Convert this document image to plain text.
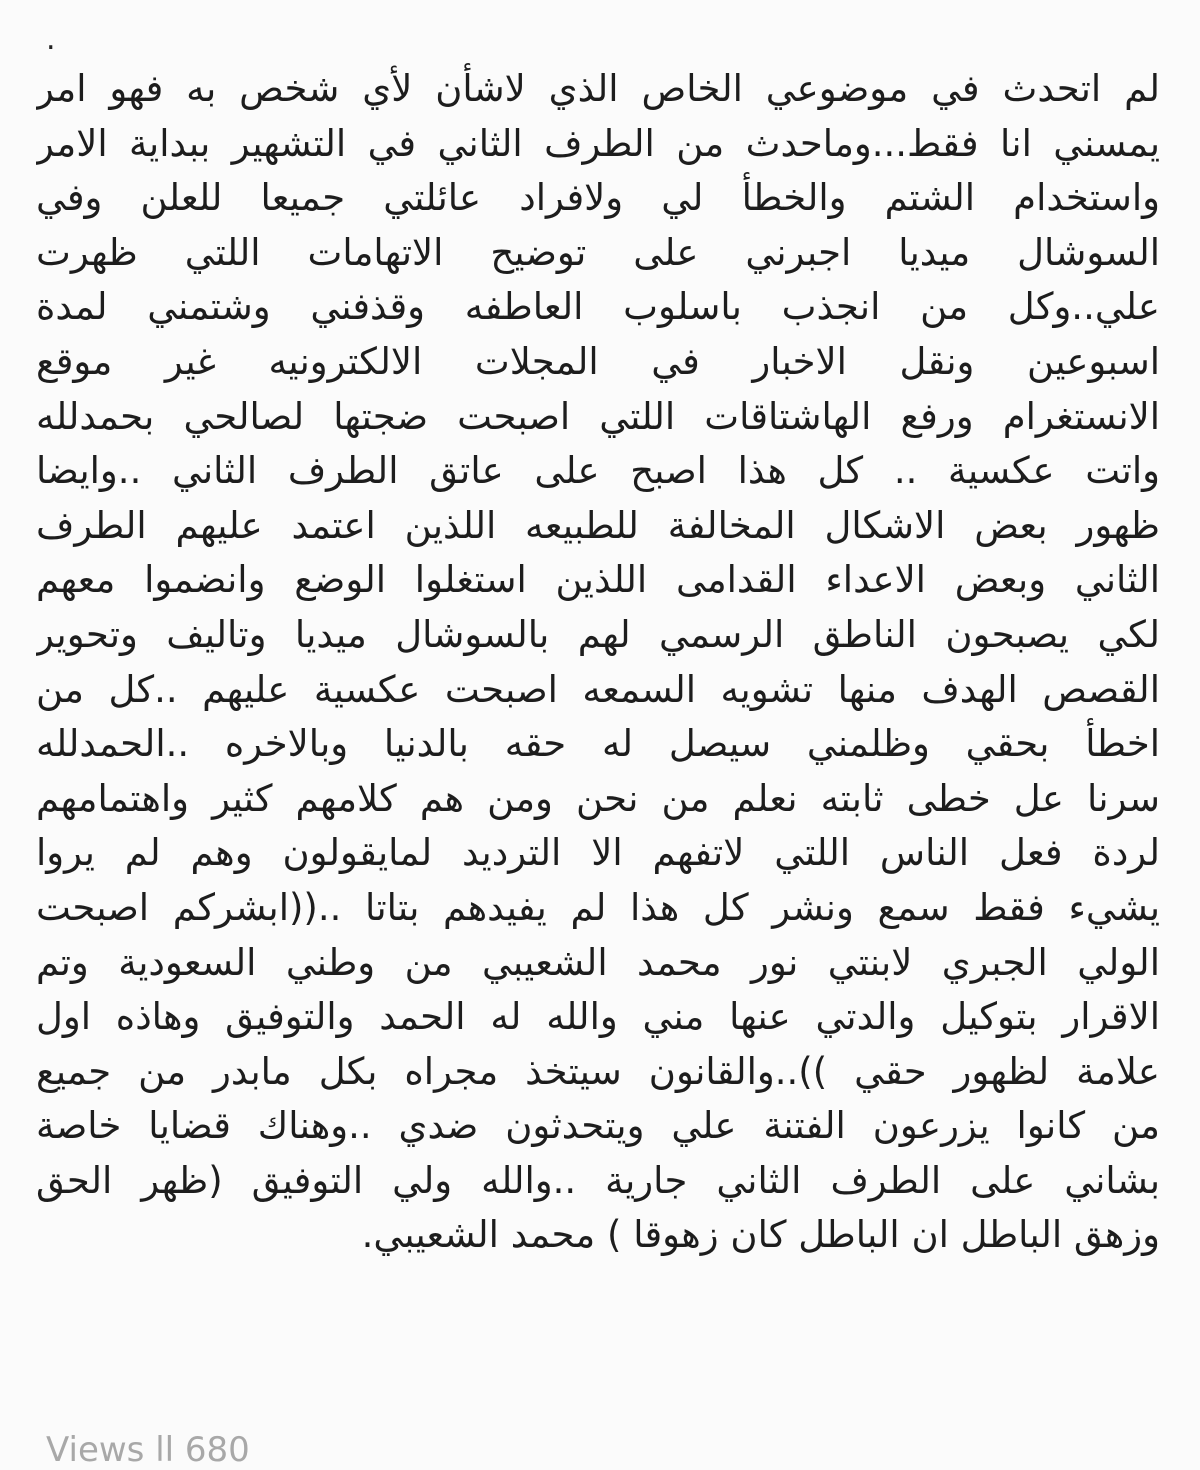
.
لم اتحدث في موضوعي الخاص الذي لاشأن لأي شخص به فهو امر
يمسني انا فقط...وماحدث من الطرف الثاني في التشهير ببداية الامر
واستخدام الشتم والخطأ لي ولافراد عائلتي جميعا للعلن وفي
السوشال ميديا اجبرني على توضيح الاتهامات اللتي ظهرت
علي..وكل من انجذب باسلوب العاطفه وقذفني وشتمني لمدة
اسبوعين ونقل الاخبار في المجلات الالكترونيه غير موقع
الانستغرام ورفع الهاشتاقات اللتي اصبحت ضجتها لصالحي بحمدلله
واتت عكسية .. كل هذا اصبح على عاتق الطرف الثاني ..وايضا
ظهور بعض الاشكال المخالفة للطبيعه اللذين اعتمد عليهم الطرف
الثاني وبعض الاعداء القدامى اللذين استغلوا الوضع وانضموا معهم
لكي يصبحون الناطق الرسمي لهم بالسوشال ميديا وتاليف وتحوير
القصص الهدف منها تشويه السمعه اصبحت عكسية عليهم ..كل من
اخطأ بحقي وظلمني سيصل له حقه بالدنيا وبالاخره ..الحمدلله
سرنا عل خطى ثابته نعلم من نحن ومن هم كلامهم كثير واهتمامهم
لردة فعل الناس اللتي لاتفهم الا الترديد لمايقولون وهم لم يروا
يشيء فقط سمع ونشر كل هذا لم يفيدهم بتاتا ..((ابشركم اصبحت
الولي الجبري لابنتي نور محمد الشعيبي من وطني السعودية وتم
الاقرار بتوكيل والدتي عنها مني والله له الحمد والتوفيق وهاذه اول
علامة لظهور حقي ))..والقانون سيتخذ مجراه بكل مابدر من جميع
من كانوا يزرعون الفتنة علي ويتحدثون ضدي ..وهناك قضايا خاصة
بشاني على الطرف الثاني جارية ..والله ولي التوفيق (ظهر الحق
وزهق الباطل ان الباطل كان زهوقا ) محمد الشعيبي.
Views ll 680
